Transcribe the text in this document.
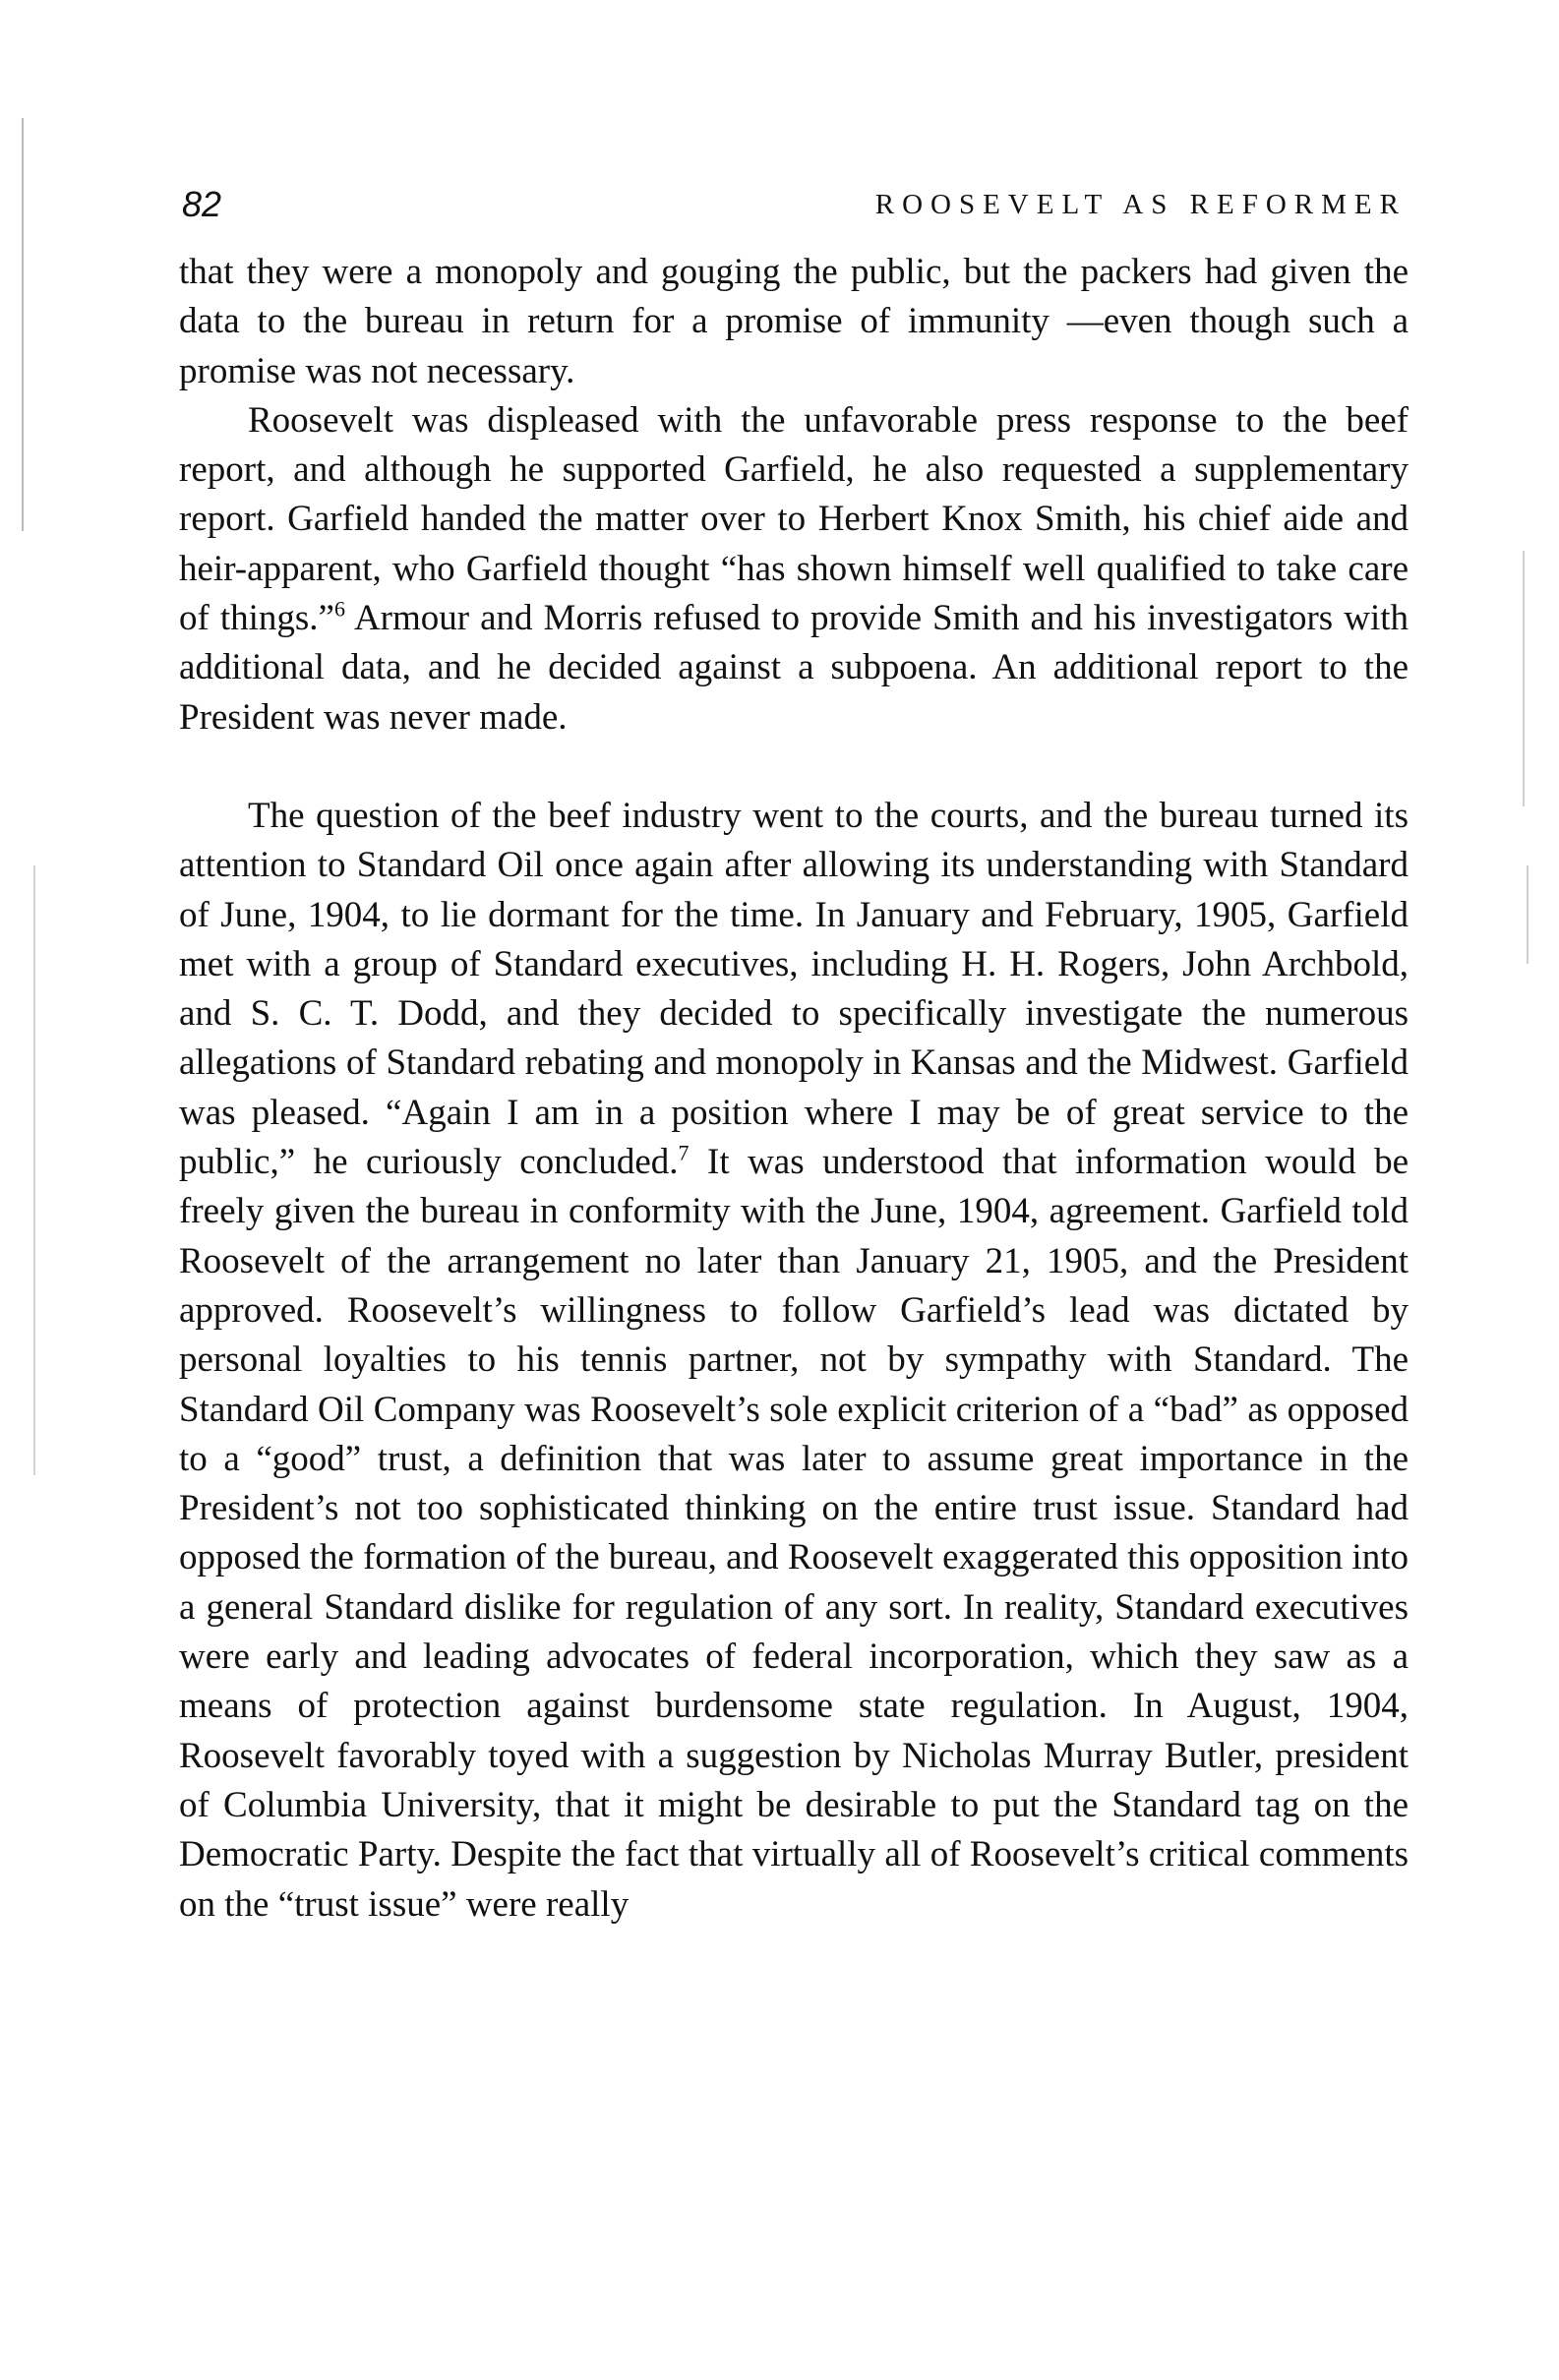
82	ROOSEVELT AS REFORMER

that they were a monopoly and gouging the public, but the packers had given the data to the bureau in return for a promise of immunity —even though such a promise was not necessary.

Roosevelt was displeased with the unfavorable press response to the beef report, and although he supported Garfield, he also requested a supplementary report. Garfield handed the matter over to Herbert Knox Smith, his chief aide and heir-apparent, who Garfield thought “has shown himself well qualified to take care of things.”$^6$ Armour and Morris refused to provide Smith and his investigators with additional data, and he decided against a subpoena. An additional report to the President was never made.

The question of the beef industry went to the courts, and the bureau turned its attention to Standard Oil once again after allowing its understanding with Standard of June, 1904, to lie dormant for the time. In January and February, 1905, Garfield met with a group of Standard executives, including H. H. Rogers, John Archbold, and S. C. T. Dodd, and they decided to specifically investigate the numerous allegations of Standard rebating and monopoly in Kansas and the Midwest. Garfield was pleased. “Again I am in a position where I may be of great service to the public,” he curiously concluded.$^7$ It was understood that information would be freely given the bureau in conformity with the June, 1904, agreement. Garfield told Roosevelt of the arrangement no later than January 21, 1905, and the President approved. Roosevelt’s willingness to follow Garfield’s lead was dictated by personal loyalties to his tennis partner, not by sympathy with Standard. The Standard Oil Company was Roosevelt’s sole explicit criterion of a “bad” as opposed to a “good” trust, a definition that was later to assume great importance in the President’s not too sophisticated thinking on the entire trust issue. Standard had opposed the formation of the bureau, and Roosevelt exaggerated this opposition into a general Standard dislike for regulation of any sort. In reality, Standard executives were early and leading advocates of federal incorporation, which they saw as a means of protection against burdensome state regulation. In August, 1904, Roosevelt favorably toyed with a suggestion by Nicholas Murray Butler, president of Columbia University, that it might be desirable to put the Standard tag on the Democratic Party. Despite the fact that virtually all of Roosevelt’s critical comments on the “trust issue” were really
